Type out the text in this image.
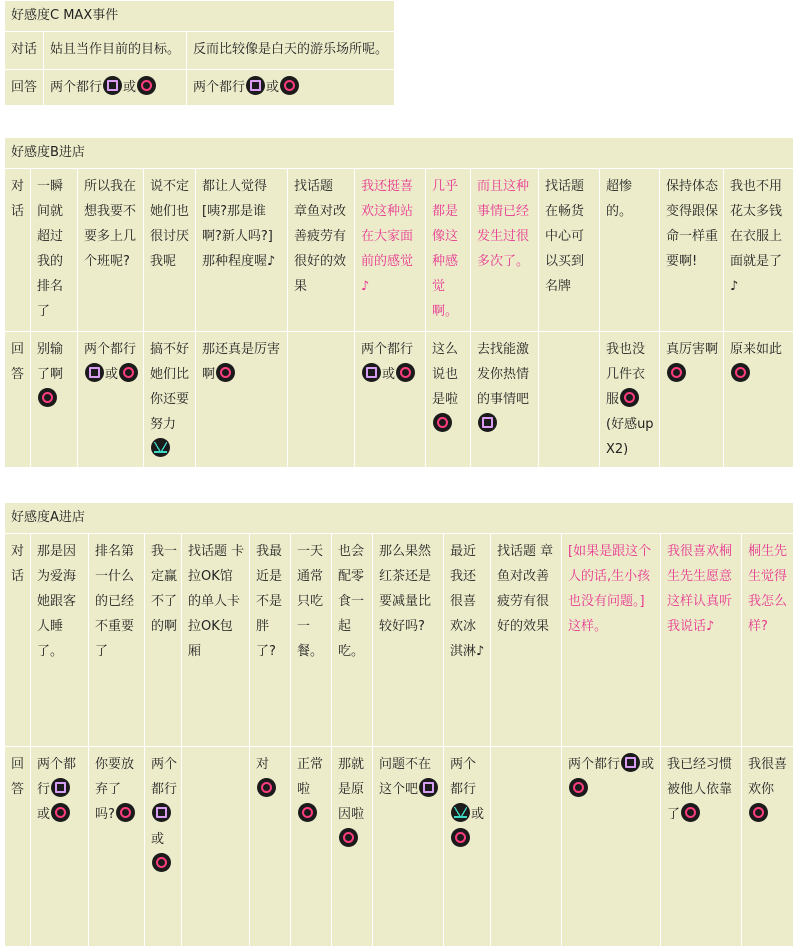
好感度C MAX事件		
对话	姑且当作目前的目标。	反而比较像是白天的游乐场所呢。
回答	两个都行 或	两个都行 或
好感度B进店												
对话	一瞬间就超过我的排名了	所以我在想我要不要多上几个班呢?	说不定她们也很讨厌我呢	都让人觉得[咦?那是谁啊?新人吗?]那种程度喔♪	找话题 章鱼对改善疲劳有很好的效果	我还挺喜欢这种站在大家面前的感觉♪	几乎都是像这种感觉啊。	而且这种事情已经发生过很多次了。	找话题 在畅货中心可以买到名牌	超惨的。	保持体态变得跟保命一样重要啊!	我也不用花太多钱在衣服上面就是了♪
回答	别输了啊	两个都行或	搞不好她们比你还要努力	那还真是厉害啊		两个都行或	这么说也是啦	去找能激发你热情的事情吧		我也没几件衣服(好感upX2)	真厉害啊	原来如此
好感度A进店													
对话	那是因为爱海她跟客人睡了。	排名第一什么的已经不重要了	我一定赢不了的啊	找话题 卡拉OK馆的单人卡拉OK包厢	我最近是不是胖了?	一天通常只吃一餐。	也会配零食一起吃。	那么果然红茶还是要减量比较好吗?	最近我还很喜欢冰淇淋♪	找话题 章鱼对改善疲劳有很好的效果	[如果是跟这个人的话,生小孩也没有问题。]这样。	我很喜欢桐生先生愿意这样认真听我说话♪	桐生先生觉得我怎么样?
回答	两个都行或	你要放弃了吗?	两个都行或		对	正常啦	那就是原因啦	问题不在这个吧	两个都行或		两个都行 或	我已经习惯被他人依靠了	我很喜欢你
